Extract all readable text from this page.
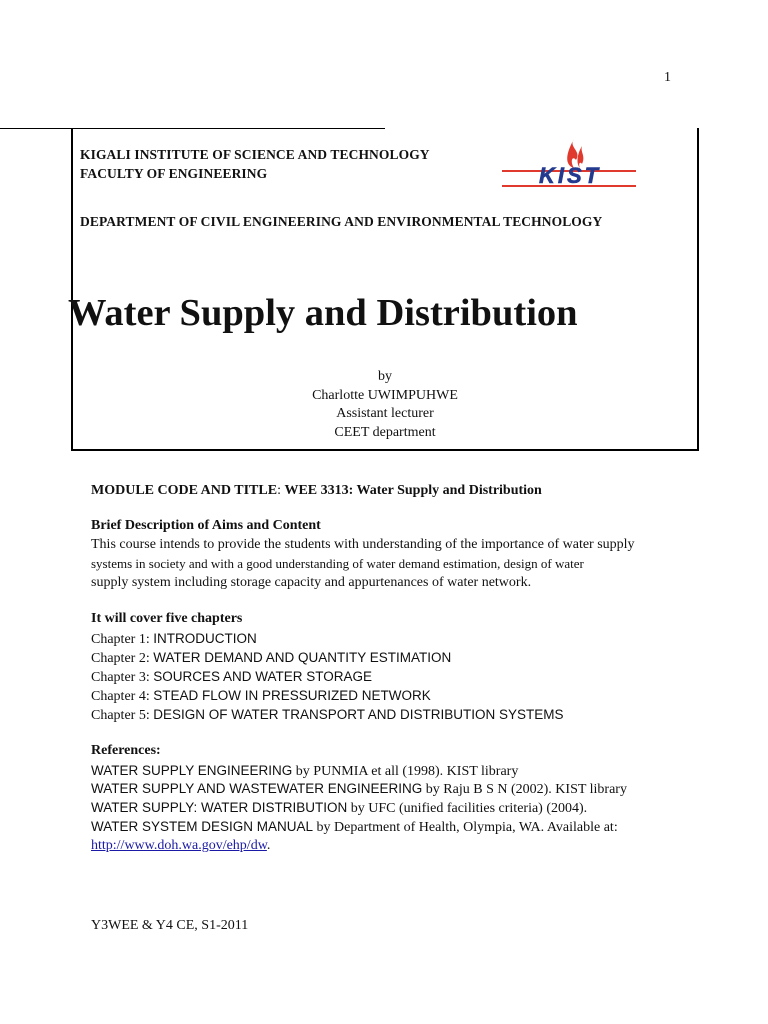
1
KIGALI INSTITUTE OF SCIENCE AND TECHNOLOGY
FACULTY OF ENGINEERING
DEPARTMENT OF CIVIL ENGINEERING AND ENVIRONMENTAL TECHNOLOGY
KIST
Water Supply and Distribution
by
Charlotte UWIMPUHWE
Assistant lecturer
CEET department
MODULE CODE AND TITLE: WEE 3313: Water Supply and Distribution
Brief Description of Aims and Content
This course intends to provide the students with understanding of the importance of water supply
systems in society and with a good understanding of water demand estimation, design of water
supply system including storage capacity and appurtenances of water network.
It will cover five chapters
Chapter 1: INTRODUCTION
Chapter 2: WATER DEMAND AND QUANTITY ESTIMATION
Chapter 3: SOURCES AND WATER STORAGE
Chapter 4: STEAD FLOW IN PRESSURIZED NETWORK
Chapter 5: DESIGN OF WATER TRANSPORT AND DISTRIBUTION SYSTEMS
References:
WATER SUPPLY ENGINEERING by PUNMIA et all (1998). KIST library
WATER SUPPLY AND WASTEWATER ENGINEERING by Raju B S N (2002). KIST library
WATER SUPPLY: WATER DISTRIBUTION by UFC (unified facilities criteria) (2004).
WATER SYSTEM DESIGN MANUAL by Department of Health, Olympia, WA. Available at:
http://www.doh.wa.gov/ehp/dw.
Y3WEE & Y4 CE, S1-2011
